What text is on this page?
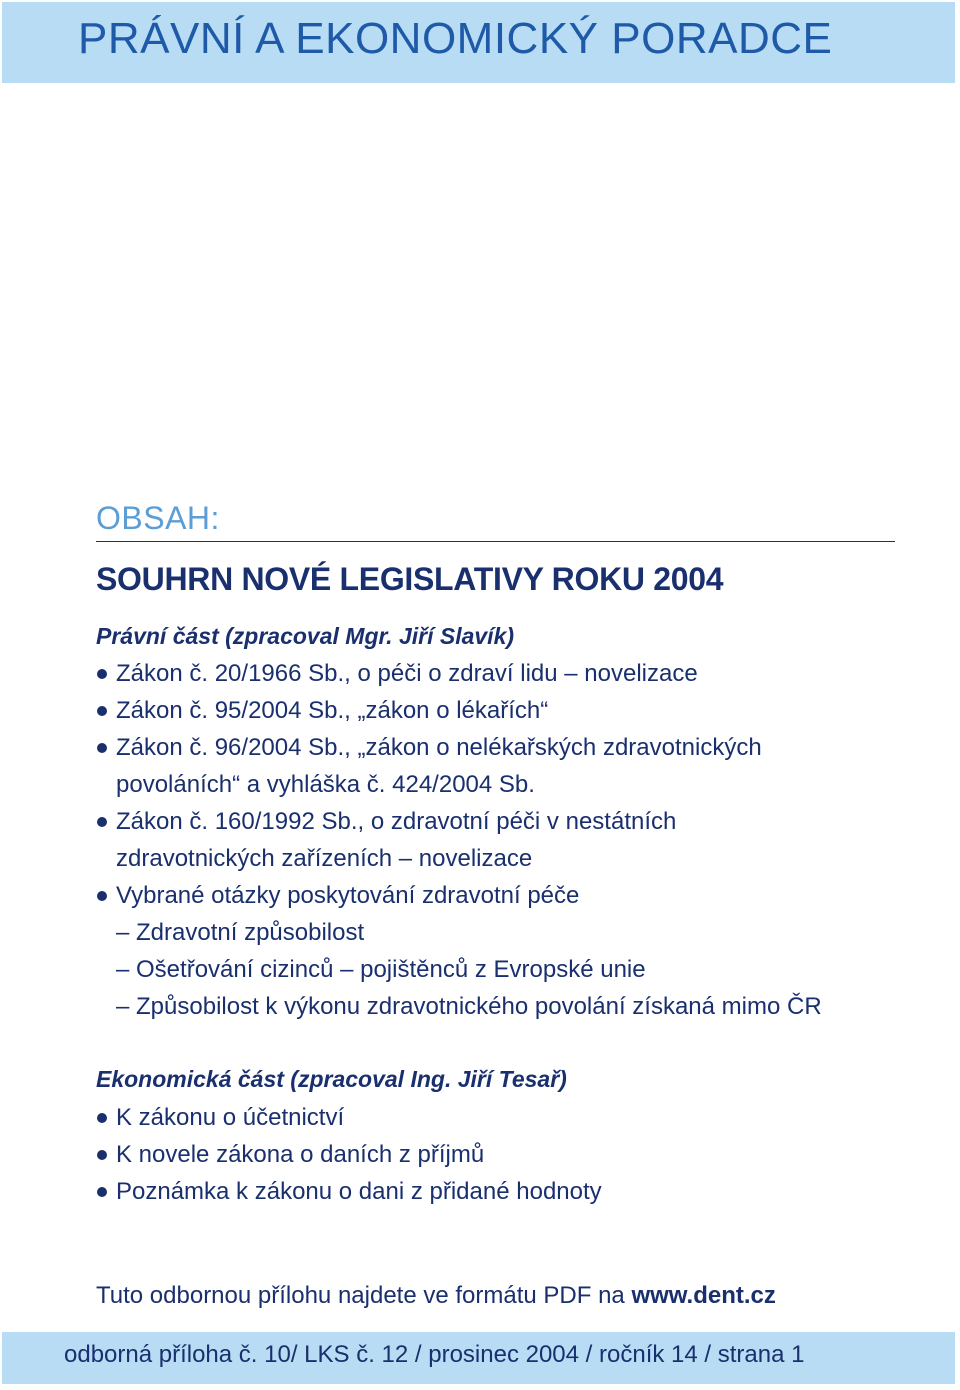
PRÁVNÍ A EKONOMICKÝ PORADCE
OBSAH:
SOUHRN NOVÉ LEGISLATIVY ROKU 2004
Právní část (zpracoval Mgr. Jiří Slavík)
Zákon č. 20/1966 Sb., o péči o zdraví lidu – novelizace
Zákon č. 95/2004 Sb., „zákon o lékařích“
Zákon č. 96/2004 Sb., „zákon o nelékařských zdravotnických
povoláních“ a vyhláška č. 424/2004 Sb.
Zákon č. 160/1992 Sb., o zdravotní péči v nestátních
zdravotnických zařízeních – novelizace
Vybrané otázky poskytování zdravotní péče
– Zdravotní způsobilost
– Ošetřování cizinců – pojištěnců z Evropské unie
– Způsobilost k výkonu zdravotnického povolání získaná mimo ČR
Ekonomická část (zpracoval Ing. Jiří Tesař)
K zákonu o účetnictví
K novele zákona o daních z příjmů
Poznámka k zákonu o dani z přidané hodnoty
Tuto odbornou přílohu najdete ve formátu PDF na www.dent.cz
odborná příloha č. 10/ LKS č. 12 / prosinec 2004 / ročník 14 / strana 1
